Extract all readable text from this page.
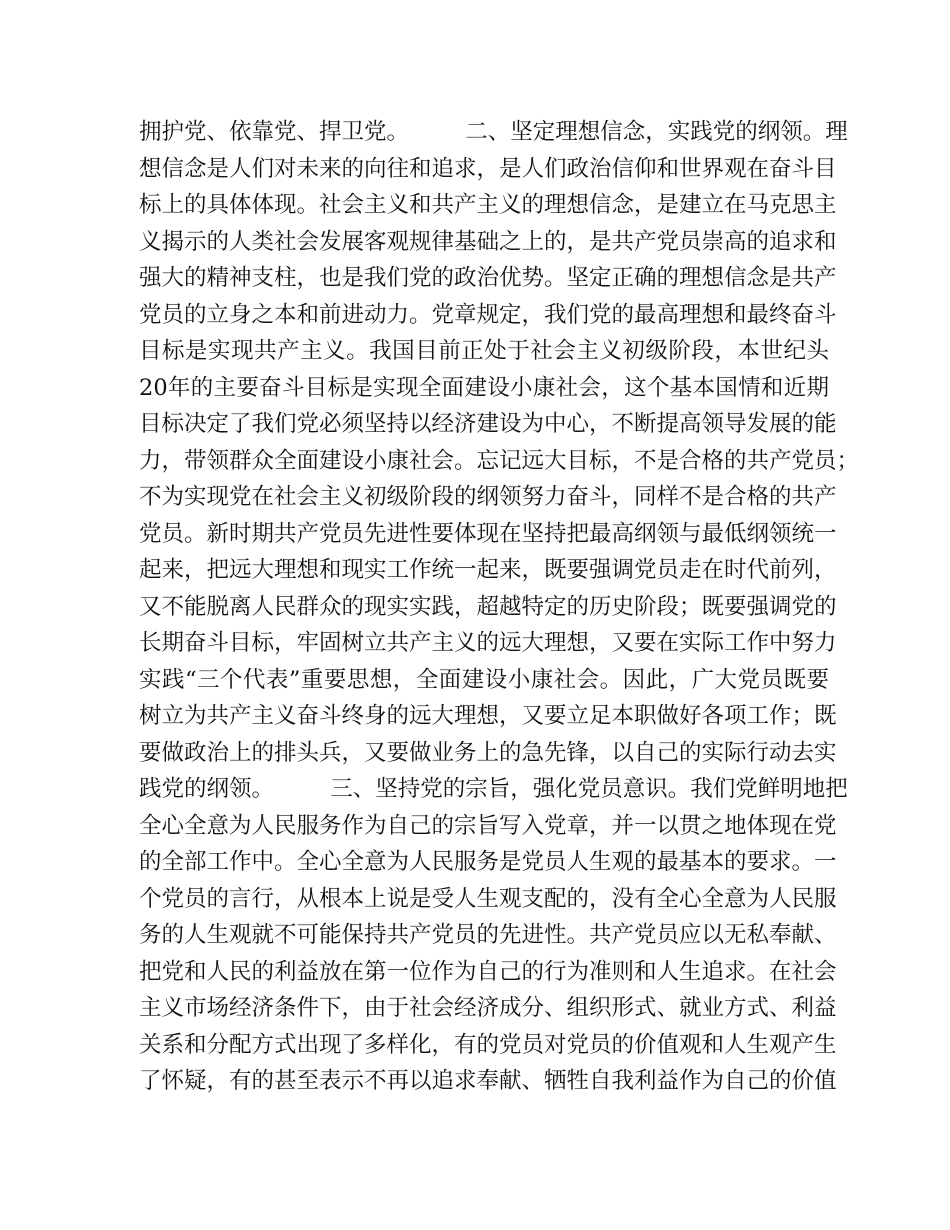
拥护党、依靠党、捍卫党。　　　二、坚定理想信念，实践党的纲领。理
想信念是人们对未来的向往和追求，是人们政治信仰和世界观在奋斗目
标上的具体体现。社会主义和共产主义的理想信念，是建立在马克思主
义揭示的人类社会发展客观规律基础之上的，是共产党员崇高的追求和
强大的精神支柱，也是我们党的政治优势。坚定正确的理想信念是共产
党员的立身之本和前进动力。党章规定，我们党的最高理想和最终奋斗
目标是实现共产主义。我国目前正处于社会主义初级阶段，本世纪头
20年的主要奋斗目标是实现全面建设小康社会，这个基本国情和近期
目标决定了我们党必须坚持以经济建设为中心，不断提高领导发展的能
力，带领群众全面建设小康社会。忘记远大目标，不是合格的共产党员；
不为实现党在社会主义初级阶段的纲领努力奋斗，同样不是合格的共产
党员。新时期共产党员先进性要体现在坚持把最高纲领与最低纲领统一
起来，把远大理想和现实工作统一起来，既要强调党员走在时代前列，
又不能脱离人民群众的现实实践，超越特定的历史阶段；既要强调党的
长期奋斗目标，牢固树立共产主义的远大理想，又要在实际工作中努力
实践“三个代表”重要思想，全面建设小康社会。因此，广大党员既要
树立为共产主义奋斗终身的远大理想，又要立足本职做好各项工作；既
要做政治上的排头兵，又要做业务上的急先锋，以自己的实际行动去实
践党的纲领。　　　三、坚持党的宗旨，强化党员意识。我们党鲜明地把
全心全意为人民服务作为自己的宗旨写入党章，并一以贯之地体现在党
的全部工作中。全心全意为人民服务是党员人生观的最基本的要求。一
个党员的言行，从根本上说是受人生观支配的，没有全心全意为人民服
务的人生观就不可能保持共产党员的先进性。共产党员应以无私奉献、
把党和人民的利益放在第一位作为自己的行为准则和人生追求。在社会
主义市场经济条件下，由于社会经济成分、组织形式、就业方式、利益
关系和分配方式出现了多样化，有的党员对党员的价值观和人生观产生
了怀疑，有的甚至表示不再以追求奉献、牺牲自我利益作为自己的价值
